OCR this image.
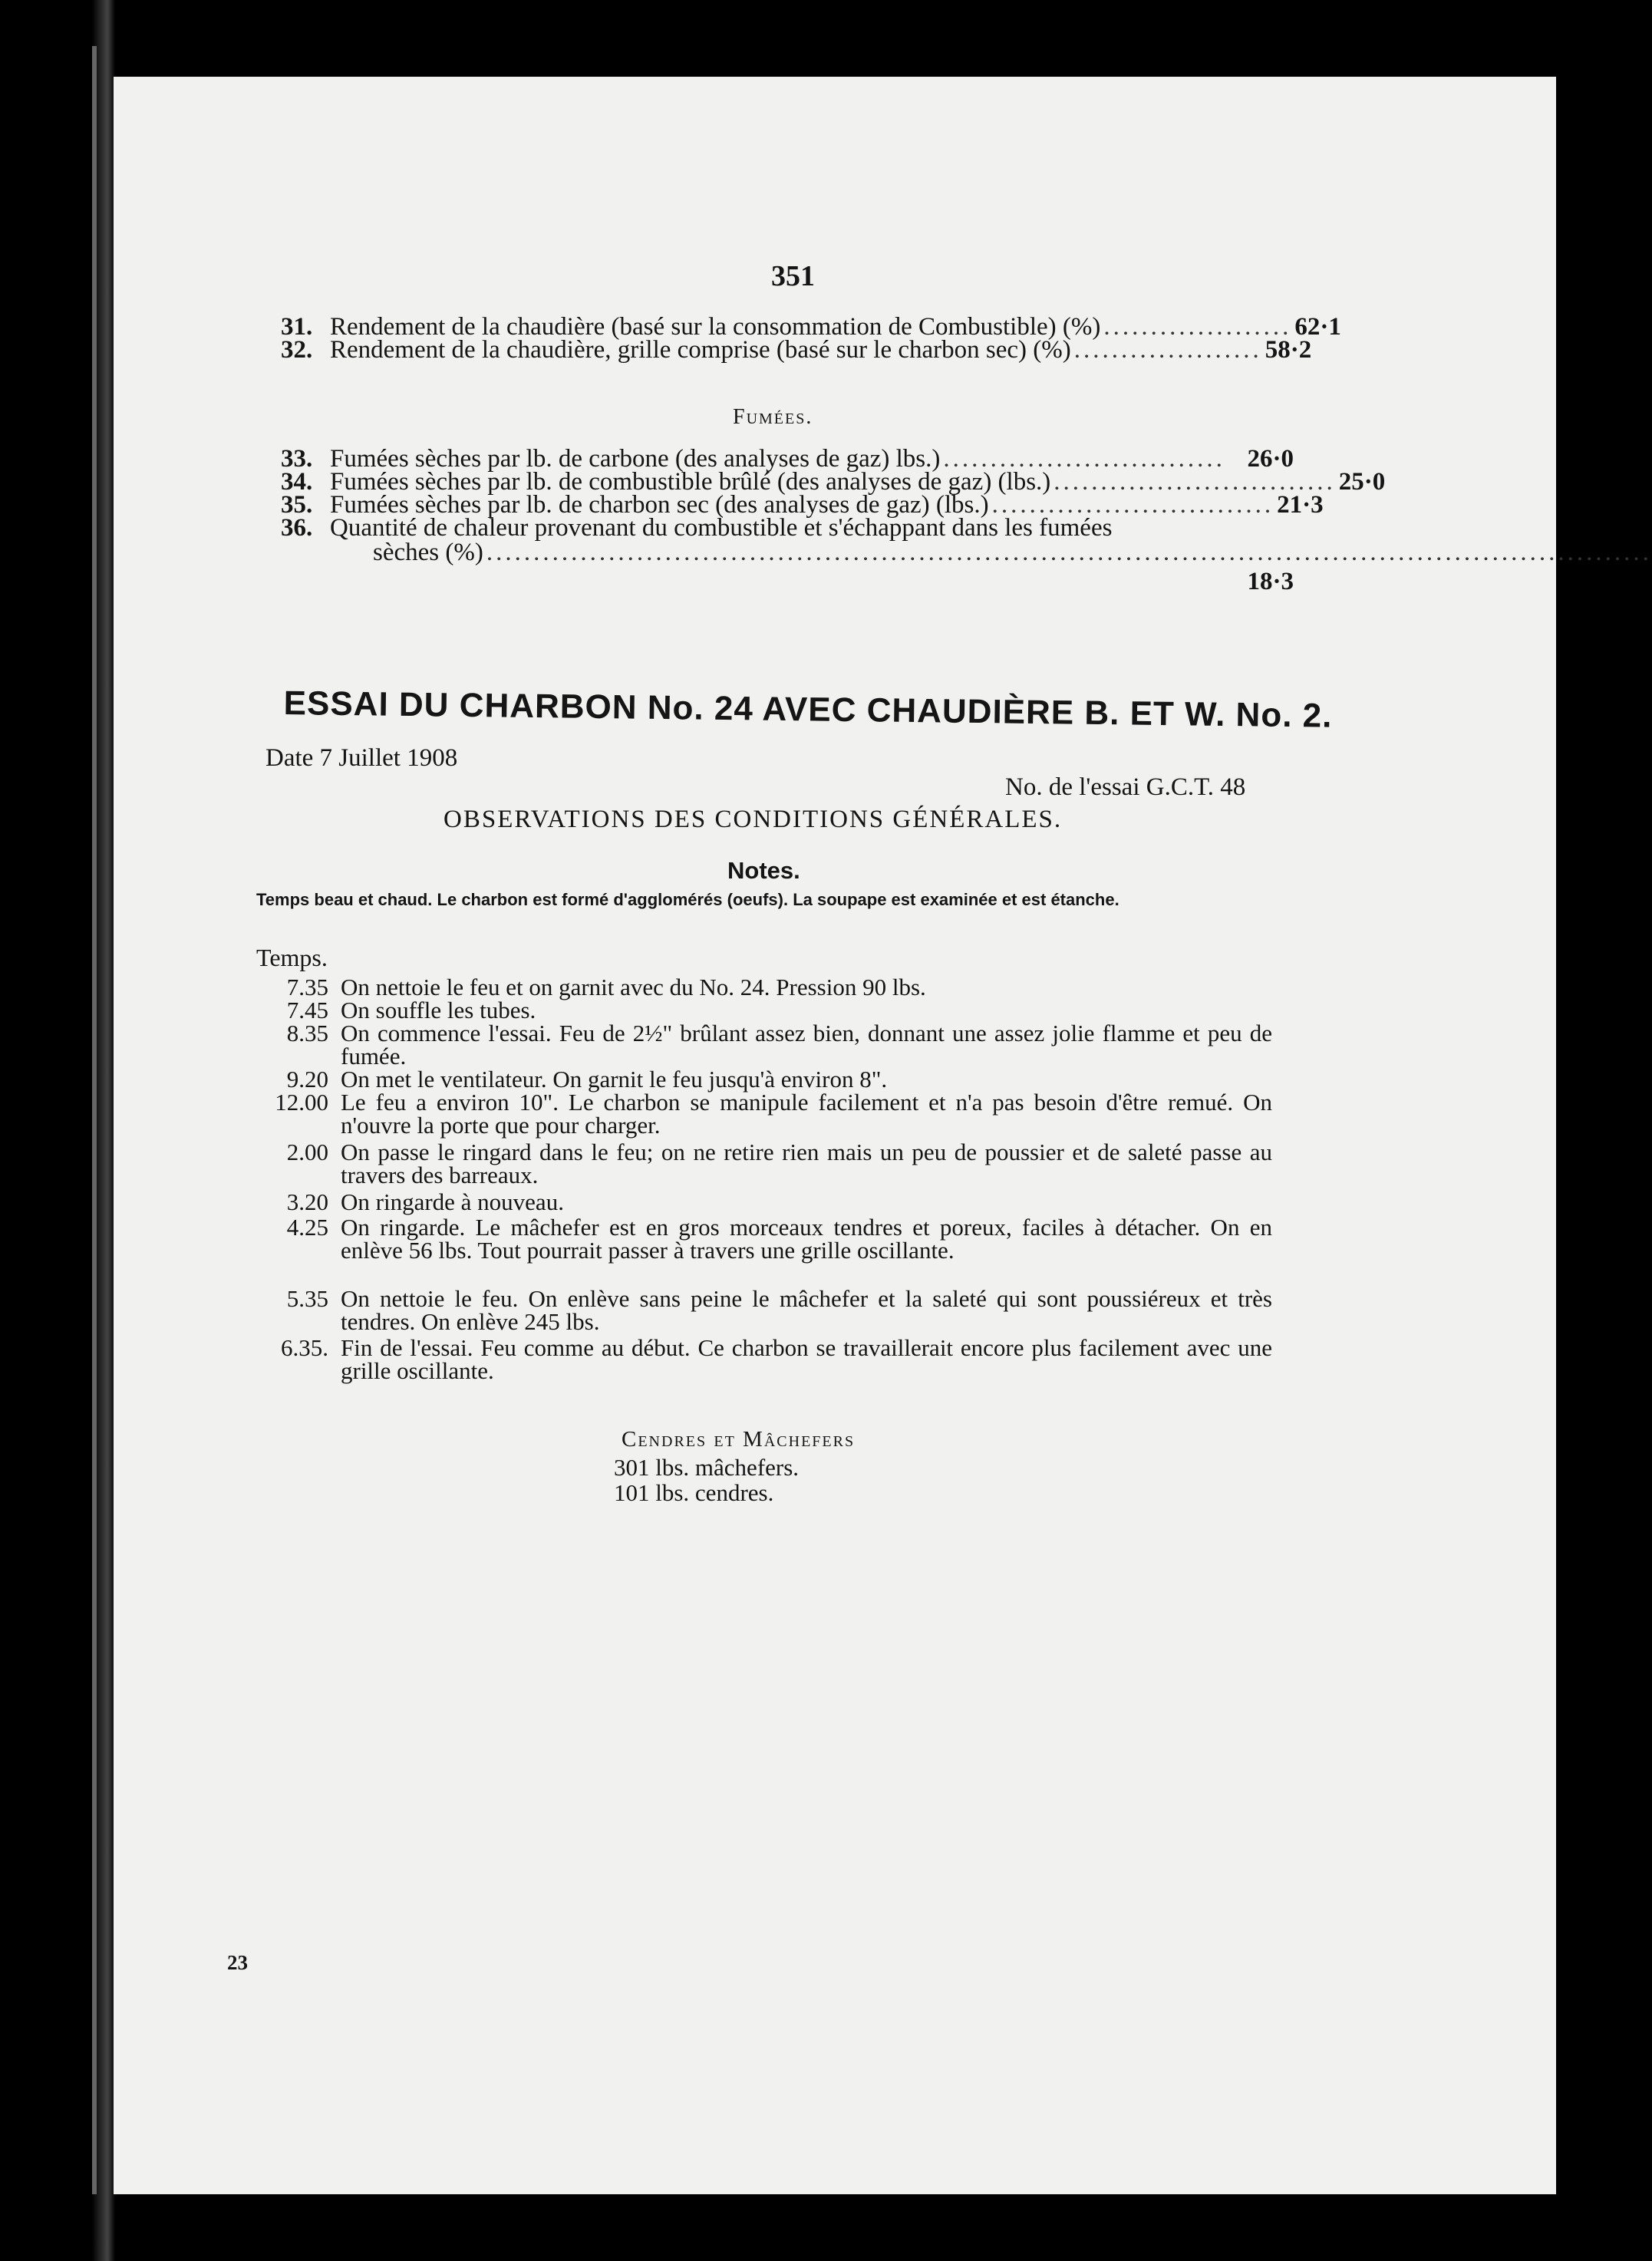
351
31. Rendement de la chaudière (basé sur la consommation de Combustible) (%) .................... 62·1
32. Rendement de la chaudière, grille comprise (basé sur le charbon sec) (%) .................... 58·2
Fumées.
33. Fumées sèches par lb. de carbone (des analyses de gaz) lbs.) .............................. 26·0
34. Fumées sèches par lb. de combustible brûlé (des analyses de gaz) (lbs.) .............................. 25·0
35. Fumées sèches par lb. de charbon sec (des analyses de gaz) (lbs.) .............................. 21·3
36. Quantité de chaleur provenant du combustible et s'échappant dans les fumées
sèches (%) ............................................................................................................................
18·3
ESSAI DU CHARBON No. 24 AVEC CHAUDIÈRE B. ET W. No. 2.
Date 7 Juillet 1908
No. de l'essai G.C.T. 48
OBSERVATIONS DES CONDITIONS GÉNÉRALES.
Notes.
Temps beau et chaud. Le charbon est formé d'agglomérés (oeufs). La soupape est examinée et est étanche.
Temps.
7.35 On nettoie le feu et on garnit avec du No. 24. Pression 90 lbs.
7.45 On souffle les tubes.
8.35 On commence l'essai. Feu de 2½" brûlant assez bien, donnant une assez jolie flamme et peu de fumée.
9.20 On met le ventilateur. On garnit le feu jusqu'à environ 8".
12.00 Le feu a environ 10". Le charbon se manipule facilement et n'a pas besoin d'être remué. On n'ouvre la porte que pour charger.
2.00 On passe le ringard dans le feu; on ne retire rien mais un peu de poussier et de saleté passe au travers des barreaux.
3.20 On ringarde à nouveau.
4.25 On ringarde. Le mâchefer est en gros morceaux tendres et poreux, faciles à détacher. On en enlève 56 lbs. Tout pourrait passer à travers une grille oscillante.
5.35 On nettoie le feu. On enlève sans peine le mâchefer et la saleté qui sont poussiéreux et très tendres. On enlève 245 lbs.
6.35. Fin de l'essai. Feu comme au début. Ce charbon se travaillerait encore plus facilement avec une grille oscillante.
Cendres et Mâchefers
301 lbs. mâchefers.
101 lbs. cendres.
23
